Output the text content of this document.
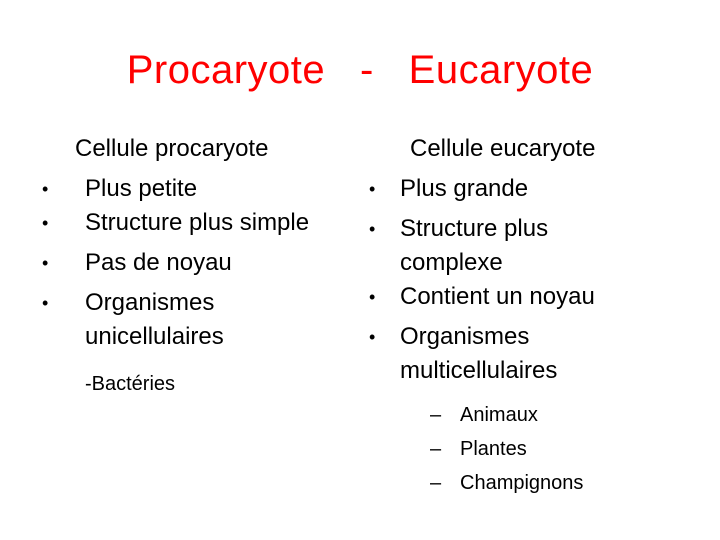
Procaryote   -   Eucaryote
Cellule procaryote	Cellule eucaryote
• Plus petite
• Structure plus simple
• Pas de noyau
• Organismes unicellulaires
-Bactéries
• Plus grande
• Structure plus complexe
• Contient un noyau
• Organismes multicellulaires
– Animaux
– Plantes
– Champignons
